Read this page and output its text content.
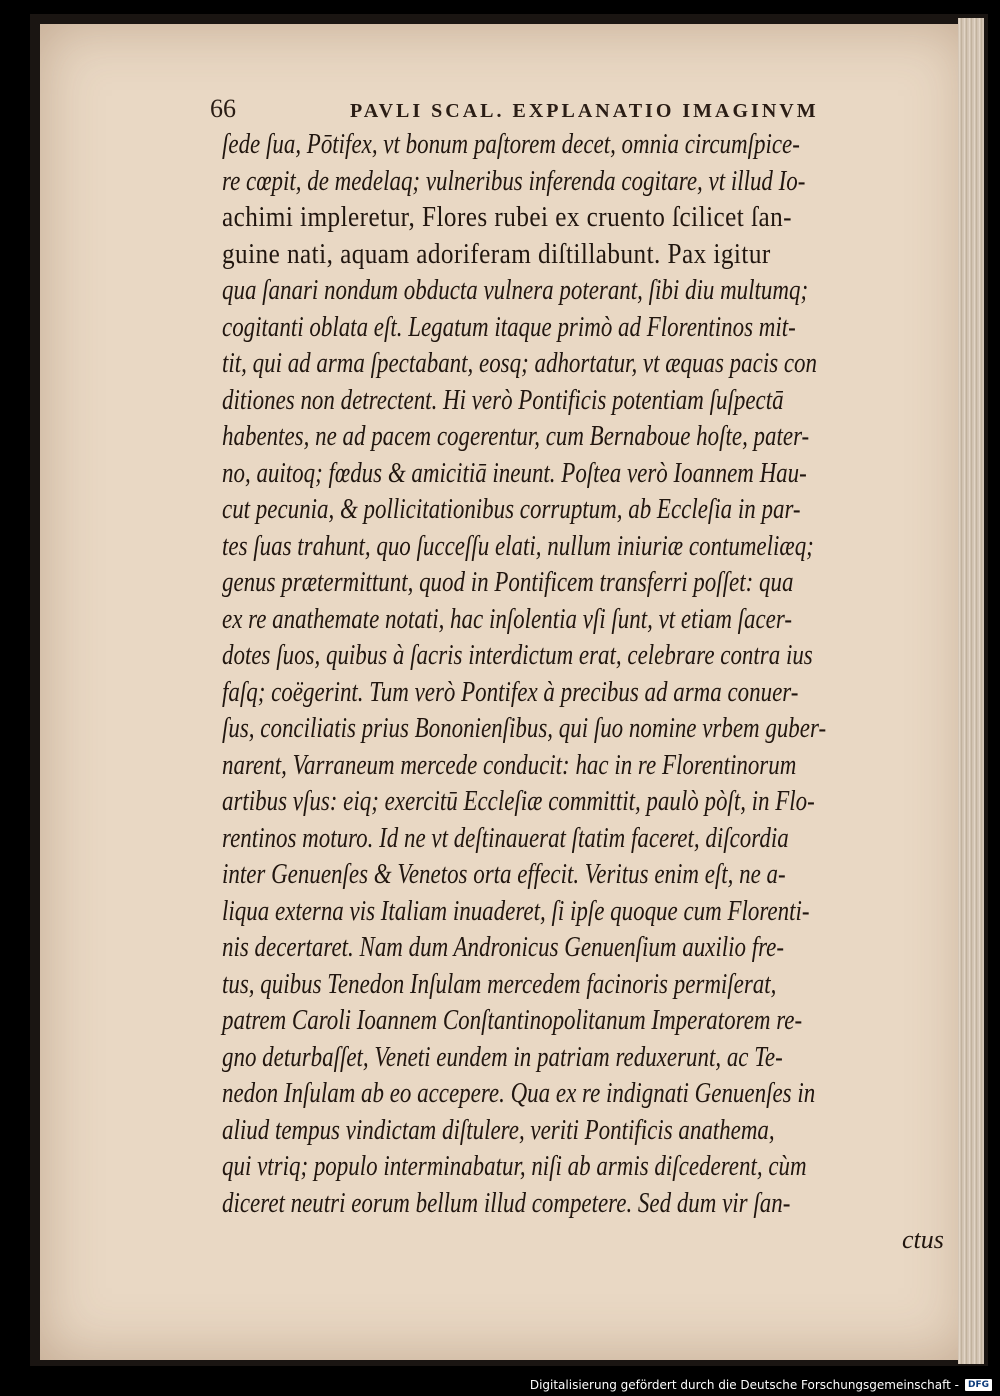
66	PAVLI SCAL. EXPLANATIO IMAGINVM
ſede ſua, Pōtifex, vt bonum paſtorem decet, omnia circumſpice-
re cœpit, de medelaq; vulneribus inferenda cogitare, vt illud Io-
achimi impleretur, Flores rubei ex cruento ſcilicet ſan-
guine nati, aquam adoriferam diſtillabunt. Pax igitur
qua ſanari nondum obducta vulnera poterant, ſibi diu multumq;
cogitanti oblata eſt. Legatum itaque primò ad Florentinos mit-
tit, qui ad arma ſpectabant, eosq; adhortatur, vt æquas pacis con
ditiones non detrectent. Hi verò Pontificis potentiam ſuſpectā
habentes, ne ad pacem cogerentur, cum Bernaboue hoſte, pater-
no, auitoq; fœdus & amicitiā ineunt. Poſtea verò Ioannem Hau-
cut pecunia, & pollicitationibus corruptum, ab Eccleſia in par-
tes ſuas trahunt, quo ſucceſſu elati, nullum iniuriæ contumeliæq;
genus prætermittunt, quod in Pontificem transferri poſſet: qua
ex re anathemate notati, hac inſolentia vſi ſunt, vt etiam ſacer-
dotes ſuos, quibus à ſacris interdictum erat, celebrare contra ius
faſq; coëgerint. Tum verò Pontifex à precibus ad arma conuer-
ſus, conciliatis prius Bononienſibus, qui ſuo nomine vrbem guber-
narent, Varraneum mercede conducit: hac in re Florentinorum
artibus vſus: eiq; exercitū Eccleſiæ committit, paulò pòſt, in Flo-
rentinos moturo. Id ne vt deſtinauerat ſtatim faceret, diſcordia
inter Genuenſes & Venetos orta effecit. Veritus enim eſt, ne a-
liqua externa vis Italiam inuaderet, ſi ipſe quoque cum Florenti-
nis decertaret. Nam dum Andronicus Genuenſium auxilio fre-
tus, quibus Tenedon Inſulam mercedem facinoris permiſerat,
patrem Caroli Ioannem Conſtantinopolitanum Imperatorem re-
gno deturbaſſet, Veneti eundem in patriam reduxerunt, ac Te-
nedon Inſulam ab eo accepere. Qua ex re indignati Genuenſes in
aliud tempus vindictam diſtulere, veriti Pontificis anathema,
qui vtriq; populo interminabatur, niſi ab armis diſcederent, cùm
diceret neutri eorum bellum illud competere. Sed dum vir ſan-
ctus
Digitalisierung gefördert durch die Deutsche Forschungsgemeinschaft -	DFG
